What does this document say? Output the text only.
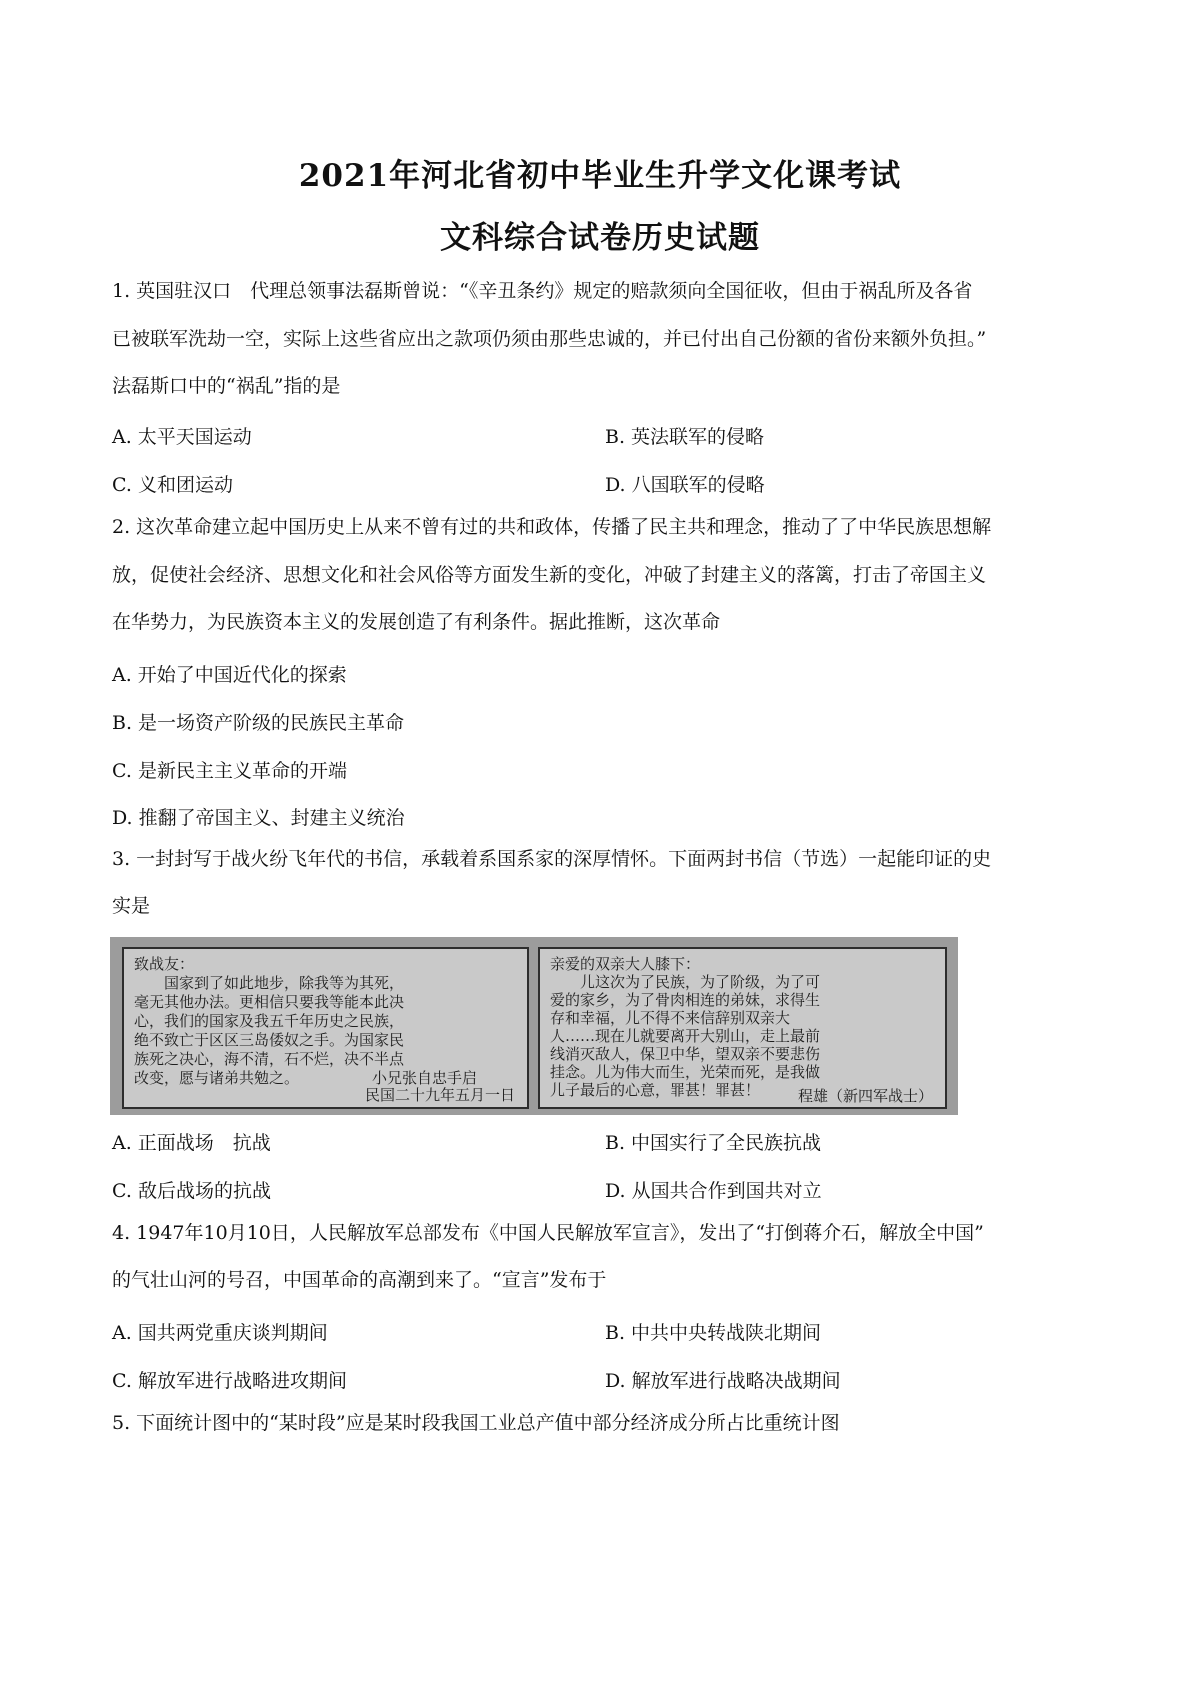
2021年河北省初中毕业生升学文化课考试
文科综合试卷历史试题
1. 英国驻汉口　代理总领事法磊斯曾说：“《辛丑条约》规定的赔款须向全国征收，但由于祸乱所及各省
已被联军洗劫一空，实际上这些省应出之款项仍须由那些忠诚的，并已付出自己份额的省份来额外负担。”
法磊斯口中的“祸乱”指的是
A. 太平天国运动	B. 英法联军的侵略
C. 义和团运动	D. 八国联军的侵略
2. 这次革命建立起中国历史上从来不曾有过的共和政体，传播了民主共和理念，推动了了中华民族思想解
放，促使社会经济、思想文化和社会风俗等方面发生新的变化，冲破了封建主义的落篱，打击了帝国主义
在华势力，为民族资本主义的发展创造了有利条件。据此推断，这次革命
A. 开始了中国近代化的探索
B. 是一场资产阶级的民族民主革命
C. 是新民主主义革命的开端
D. 推翻了帝国主义、封建主义统治
3. 一封封写于战火纷飞年代的书信，承载着系国系家的深厚情怀。下面两封书信（节选）一起能印证的史
实是
致战友：
　　国家到了如此地步，除我等为其死，
毫无其他办法。更相信只要我等能本此决
心，我们的国家及我五千年历史之民族，
绝不致亡于区区三岛倭奴之手。为国家民
族死之决心，海不清，石不烂，决不半点
改变，愿与诸弟共勉之。
民国二十九年五月一日
小兄张自忠手启
亲爱的双亲大人膝下：
　　儿这次为了民族，为了阶级，为了可
爱的家乡，为了骨肉相连的弟妹，求得生
存和幸福，儿不得不来信辞别双亲大
人……现在儿就要离开大别山，走上最前
线消灭敌人，保卫中华，望双亲不要悲伤
挂念。儿为伟大而生，光荣而死，是我做
儿子最后的心意，罪甚！罪甚！	程雄（新四军战士）
A. 正面战场　抗战	B. 中国实行了全民族抗战
C. 敌后战场的抗战	D. 从国共合作到国共对立
4. 1947年10月10日，人民解放军总部发布《中国人民解放军宣言》，发出了“打倒蒋介石，解放全中国”
的气壮山河的号召，中国革命的高潮到来了。“宣言”发布于
A. 国共两党重庆谈判期间	B. 中共中央转战陕北期间
C. 解放军进行战略进攻期间	D. 解放军进行战略决战期间
5. 下面统计图中的“某时段”应是某时段我国工业总产值中部分经济成分所占比重统计图
